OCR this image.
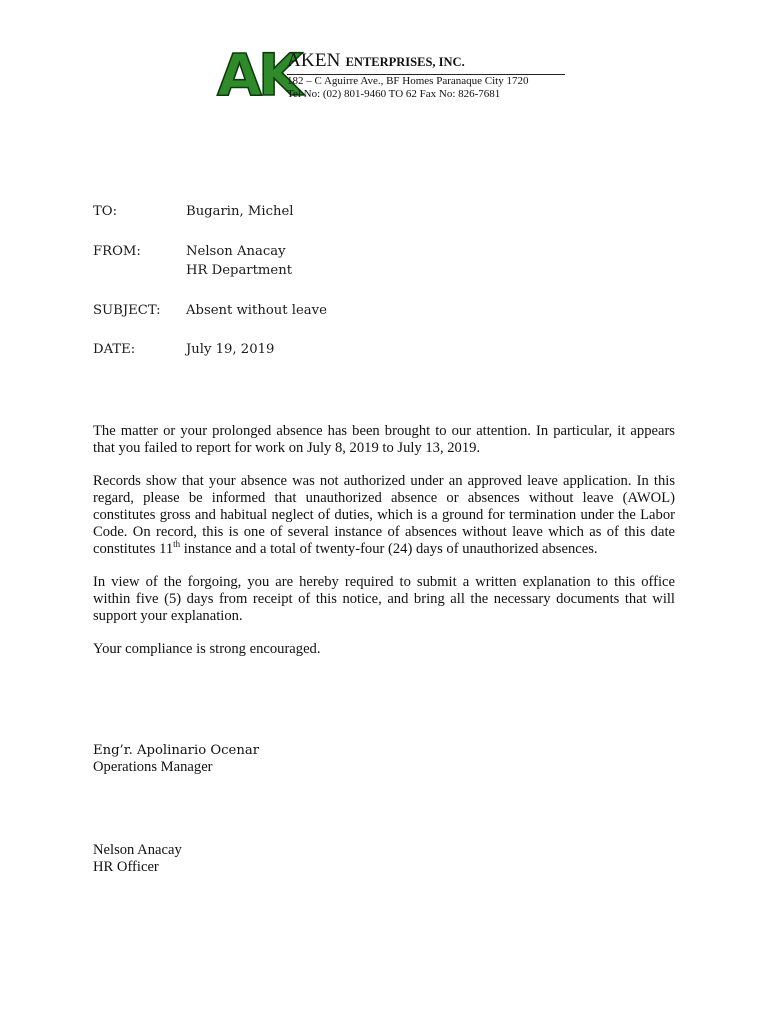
AK
AKEN ENTERPRISES, INC.
182 – C Aguirre Ave., BF Homes Paranaque City 1720
Tel No: (02) 801-9460 TO 62 Fax No: 826-7681
TO:	Bugarin, Michel
FROM:	Nelson Anacay
HR Department
SUBJECT: Absent without leave
DATE:	July 19, 2019

The matter or your prolonged absence has been brought to our attention. In particular, it appears that you failed to report for work on July 8, 2019 to July 13, 2019.

Records show that your absence was not authorized under an approved leave application. In this regard, please be informed that unauthorized absence or absences without leave (AWOL) constitutes gross and habitual neglect of duties, which is a ground for termination under the Labor Code. On record, this is one of several instance of absences without leave which as of this date constitutes 11th instance and a total of twenty-four (24) days of unauthorized absences.

In view of the forgoing, you are hereby required to submit a written explanation to this office within five (5) days from receipt of this notice, and bring all the necessary documents that will support your explanation.

Your compliance is strong encouraged.

Eng’r. Apolinario Ocenar
Operations Manager
Nelson Anacay
HR Officer
